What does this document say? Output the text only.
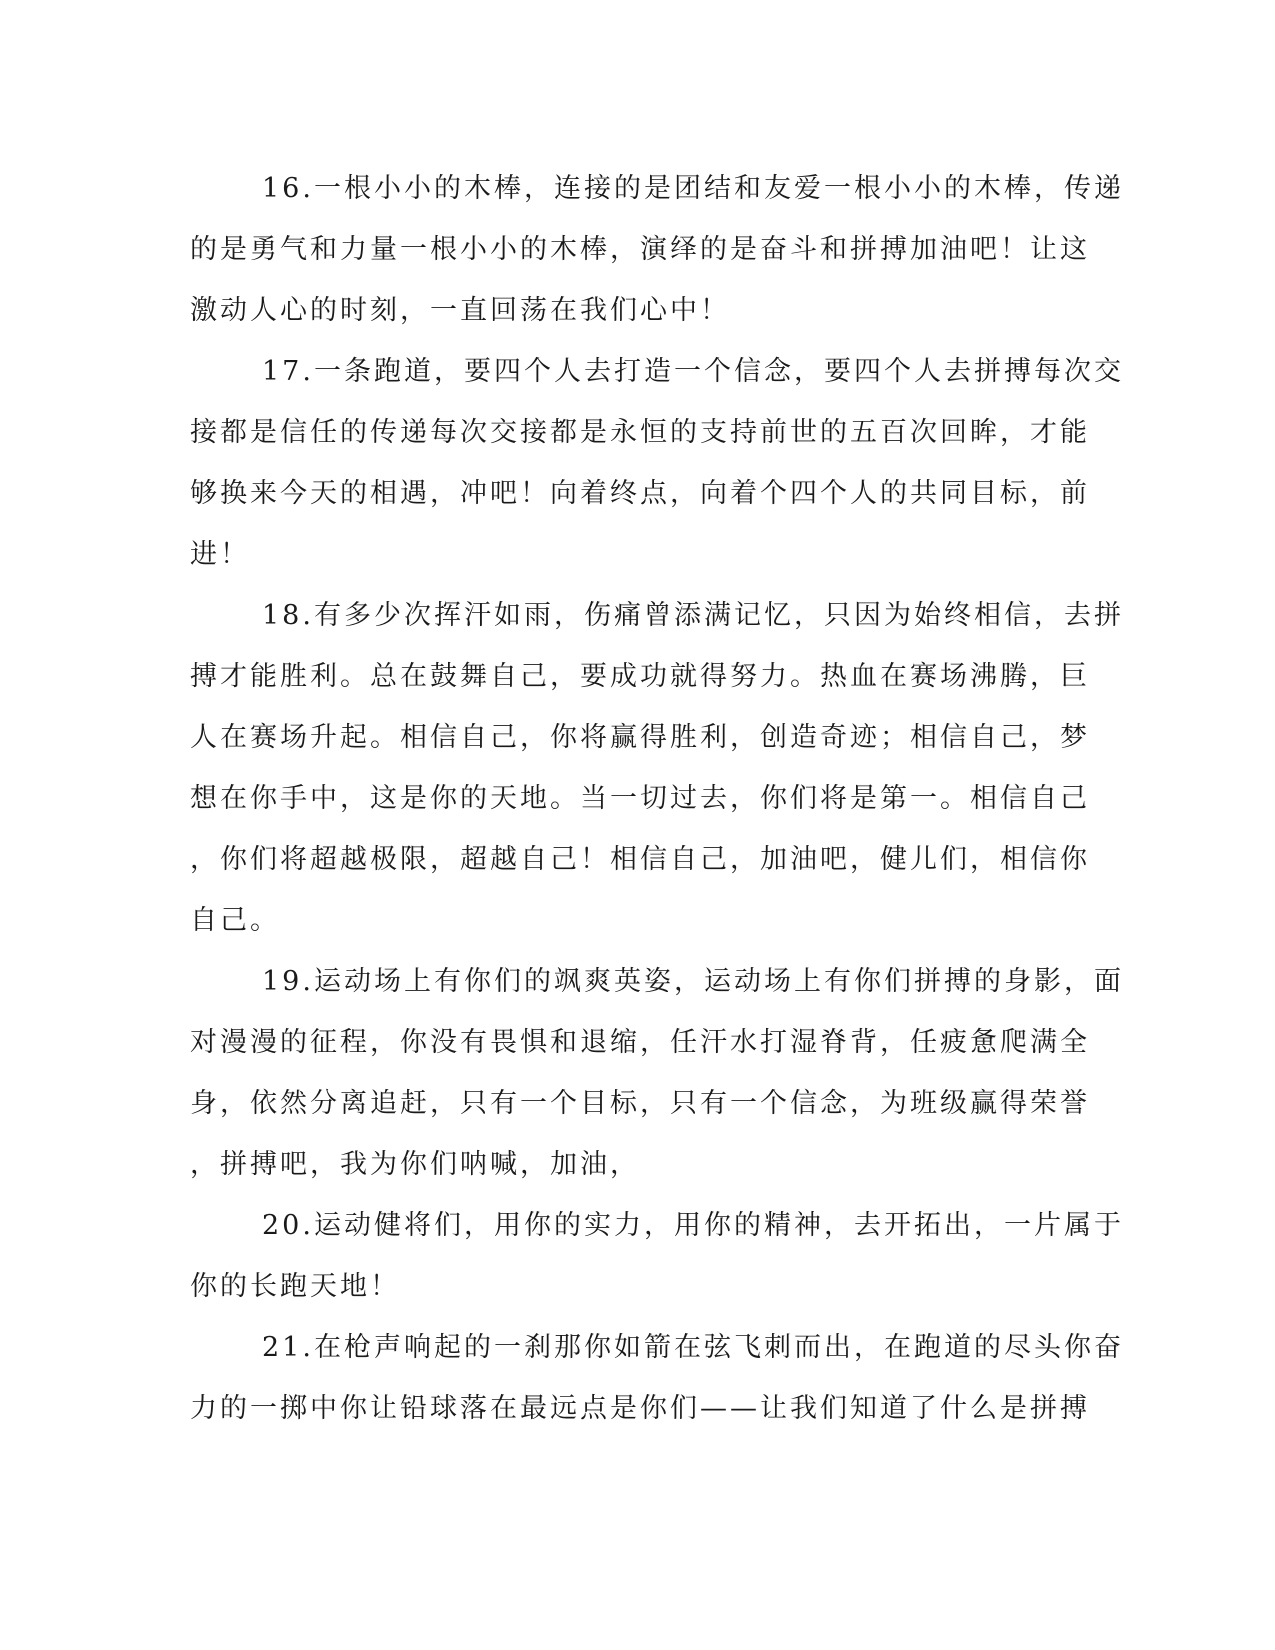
16.一根小小的木棒，连接的是团结和友爱一根小小的木棒，传递
的是勇气和力量一根小小的木棒，演绎的是奋斗和拼搏加油吧！让这
激动人心的时刻，一直回荡在我们心中！
17.一条跑道，要四个人去打造一个信念，要四个人去拼搏每次交
接都是信任的传递每次交接都是永恒的支持前世的五百次回眸，才能
够换来今天的相遇，冲吧！向着终点，向着个四个人的共同目标，前
进！
18.有多少次挥汗如雨，伤痛曾添满记忆，只因为始终相信，去拼
搏才能胜利。总在鼓舞自己，要成功就得努力。热血在赛场沸腾，巨
人在赛场升起。相信自己，你将赢得胜利，创造奇迹；相信自己，梦
想在你手中，这是你的天地。当一切过去，你们将是第一。相信自己
，你们将超越极限，超越自己！相信自己，加油吧，健儿们，相信你
自己。
19.运动场上有你们的飒爽英姿，运动场上有你们拼搏的身影，面
对漫漫的征程，你没有畏惧和退缩，任汗水打湿脊背，任疲惫爬满全
身，依然分离追赶，只有一个目标，只有一个信念，为班级赢得荣誉
，拼搏吧，我为你们呐喊，加油，
20.运动健将们，用你的实力，用你的精神，去开拓出，一片属于
你的长跑天地！
21.在枪声响起的一刹那你如箭在弦飞刺而出，在跑道的尽头你奋
力的一掷中你让铅球落在最远点是你们——让我们知道了什么是拼搏
